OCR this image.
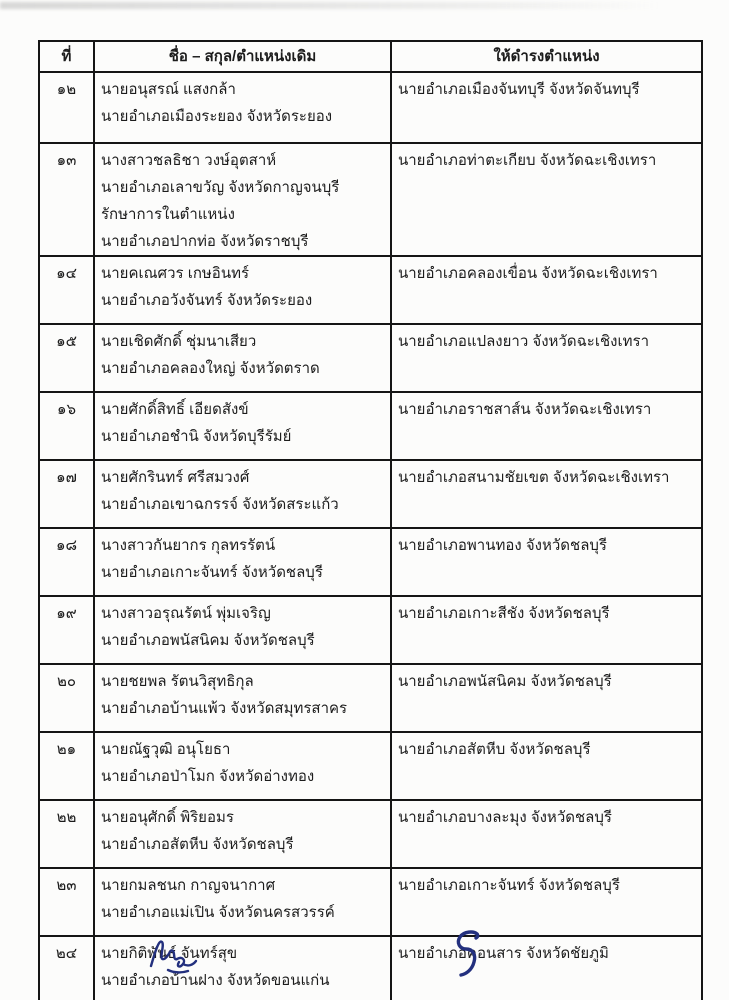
ที่	ชื่อ – สกุล/ตำแหน่งเดิม	ให้ดำรงตำแหน่ง
๑๒	นายอนุสรณ์ แสงกล้า
นายอำเภอเมืองระยอง จังหวัดระยอง	นายอำเภอเมืองจันทบุรี จังหวัดจันทบุรี

๑๓	นางสาวชลธิชา วงษ์อุตสาห์
นายอำเภอเลาขวัญ จังหวัดกาญจนบุรี
รักษาการในตำแหน่ง
นายอำเภอปากท่อ จังหวัดราชบุรี	นายอำเภอท่าตะเกียบ จังหวัดฉะเชิงเทรา

๑๔	นายคเณศวร เกษอินทร์
นายอำเภอวังจันทร์ จังหวัดระยอง	นายอำเภอคลองเขื่อน จังหวัดฉะเชิงเทรา

๑๕	นายเชิดศักดิ์ ชุ่มนาเสียว
นายอำเภอคลองใหญ่ จังหวัดตราด	นายอำเภอแปลงยาว จังหวัดฉะเชิงเทรา

๑๖	นายศักดิ์สิทธิ์ เอียดสังข์
นายอำเภอชำนิ จังหวัดบุรีรัมย์	นายอำเภอราชสาส์น จังหวัดฉะเชิงเทรา

๑๗	นายศักรินทร์ ศรีสมวงศ์
นายอำเภอเขาฉกรรจ์ จังหวัดสระแก้ว	นายอำเภอสนามชัยเขต จังหวัดฉะเชิงเทรา

๑๘	นางสาวกันยากร กุลทรรัตน์
นายอำเภอเกาะจันทร์ จังหวัดชลบุรี	นายอำเภอพานทอง จังหวัดชลบุรี

๑๙	นางสาวอรุณรัตน์ พุ่มเจริญ
นายอำเภอพนัสนิคม จังหวัดชลบุรี	นายอำเภอเกาะสีชัง จังหวัดชลบุรี

๒๐	นายชยพล รัตนวิสุทธิกุล
นายอำเภอบ้านแพ้ว จังหวัดสมุทรสาคร	นายอำเภอพนัสนิคม จังหวัดชลบุรี

๒๑	นายณัฐวุฒิ อนุโยธา
นายอำเภอป่าโมก จังหวัดอ่างทอง	นายอำเภอสัตหีบ จังหวัดชลบุรี

๒๒	นายอนุศักดิ์ พิริยอมร
นายอำเภอสัตหีบ จังหวัดชลบุรี	นายอำเภอบางละมุง จังหวัดชลบุรี

๒๓	นายกมลชนก กาญจนากาศ
นายอำเภอแม่เปิน จังหวัดนครสวรรค์	นายอำเภอเกาะจันทร์ จังหวัดชลบุรี

๒๔	นายกิติพันธ์ จันทร์สุข
นายอำเภอบ้านฝาง จังหวัดขอนแก่น	นายอำเภอคอนสาร จังหวัดชัยภูมิ
